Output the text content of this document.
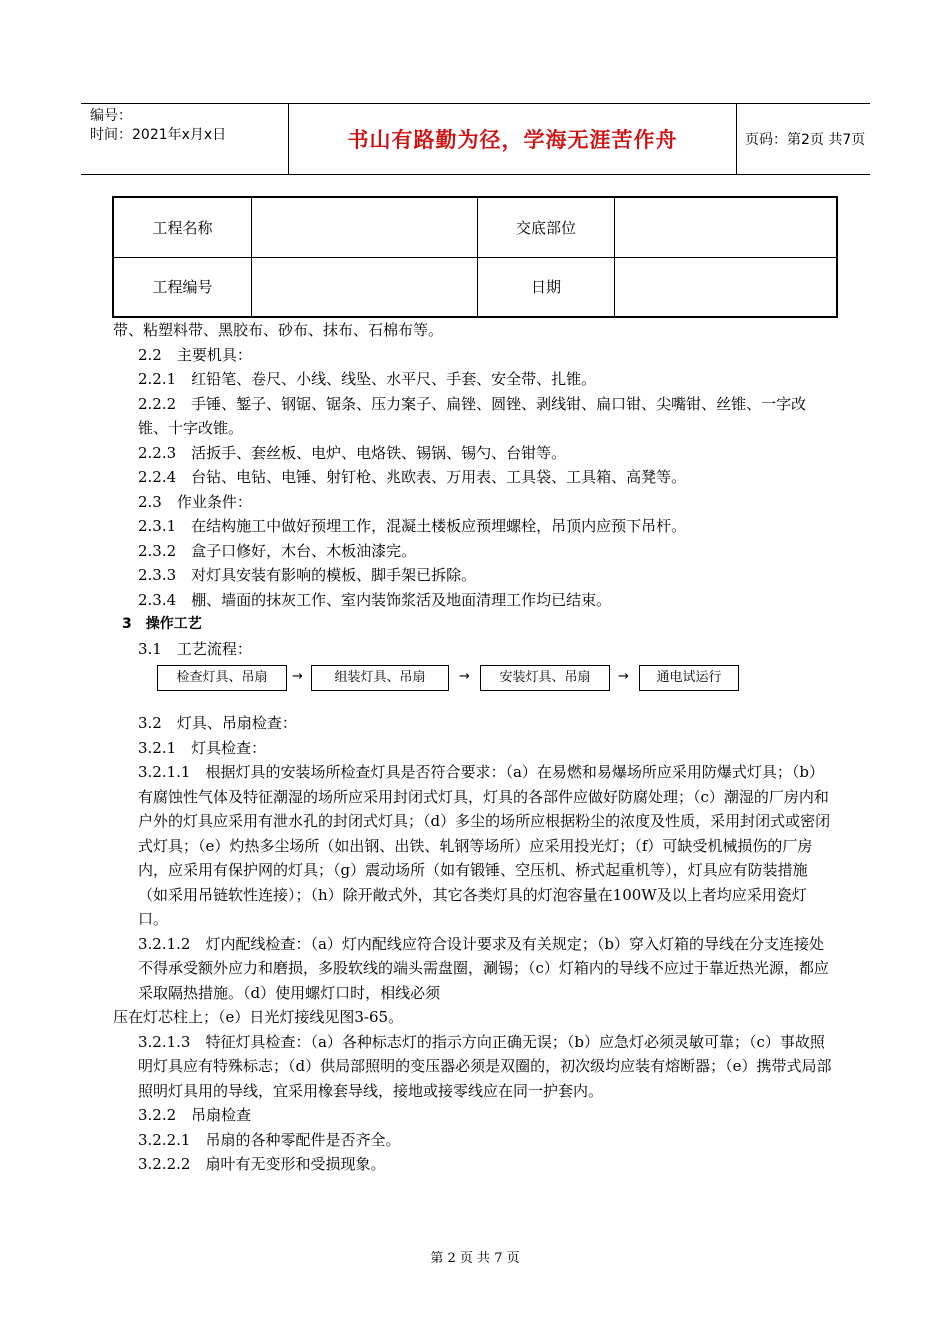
编号：
时间：2021年x月x日	书山有路勤为径，学海无涯苦作舟	页码：第2页 共7页
工程名称		交底部位	
工程编号		日期	

带、粘塑料带、黑胶布、砂布、抹布、石棉布等。

2.2　主要机具：

2.2.1　红铅笔、卷尺、小线、线坠、水平尺、手套、安全带、扎锥。

2.2.2　手锤、錾子、钢锯、锯条、压力案子、扁锉、圆锉、剥线钳、扁口钳、尖嘴钳、丝锥、一字改锥、十字改锥。

2.2.3　活扳手、套丝板、电炉、电烙铁、锡锅、锡勺、台钳等。

2.2.4　台钻、电钻、电锤、射钉枪、兆欧表、万用表、工具袋、工具箱、高凳等。

2.3　作业条件：

2.3.1　在结构施工中做好预埋工作，混凝土楼板应预埋螺栓，吊顶内应预下吊杆。

2.3.2　盒子口修好，木台、木板油漆完。

2.3.3　对灯具安装有影响的模板、脚手架已拆除。

2.3.4　棚、墙面的抹灰工作、室内装饰浆活及地面清理工作均已结束。

3　操作工艺

3.1　工艺流程：

检查灯具、吊扇	→	组装灯具、吊扇	→	安装灯具、吊扇	→	通电试运行

3.2　灯具、吊扇检查：

3.2.1　灯具检查：

3.2.1.1　根据灯具的安装场所检查灯具是否符合要求：（a）在易燃和易爆场所应采用防爆式灯具；（b）有腐蚀性气体及特征潮湿的场所应采用封闭式灯具，灯具的各部件应做好防腐处理；（c）潮湿的厂房内和户外的灯具应采用有泄水孔的封闭式灯具；（d）多尘的场所应根据粉尘的浓度及性质，采用封闭式或密闭式灯具；（e）灼热多尘场所（如出钢、出铁、轧钢等场所）应采用投光灯；（f）可缺受机械损伤的厂房内，应采用有保护网的灯具；（g）震动场所（如有锻锤、空压机、桥式起重机等），灯具应有防装措施（如采用吊链软性连接）；（h）除开敞式外，其它各类灯具的灯泡容量在100W及以上者均应采用瓷灯口。

3.2.1.2　灯内配线检查：（a）灯内配线应符合设计要求及有关规定；（b）穿入灯箱的导线在分支连接处不得承受额外应力和磨损，多股软线的端头需盘圈，涮锡；（c）灯箱内的导线不应过于靠近热光源，都应采取隔热措施。（d）使用螺灯口时，相线必须

压在灯芯柱上；（e）日光灯接线见图3-65。

3.2.1.3　特征灯具检查：（a）各种标志灯的指示方向正确无误；（b）应急灯必须灵敏可靠；（c）事故照明灯具应有特殊标志；（d）供局部照明的变压器必须是双圈的，初次级均应装有熔断器；（e）携带式局部照明灯具用的导线，宜采用橡套导线，接地或接零线应在同一护套内。

3.2.2　吊扇检查

3.2.2.1　吊扇的各种零配件是否齐全。

3.2.2.2　扇叶有无变形和受损现象。

第 2 页 共 7 页
